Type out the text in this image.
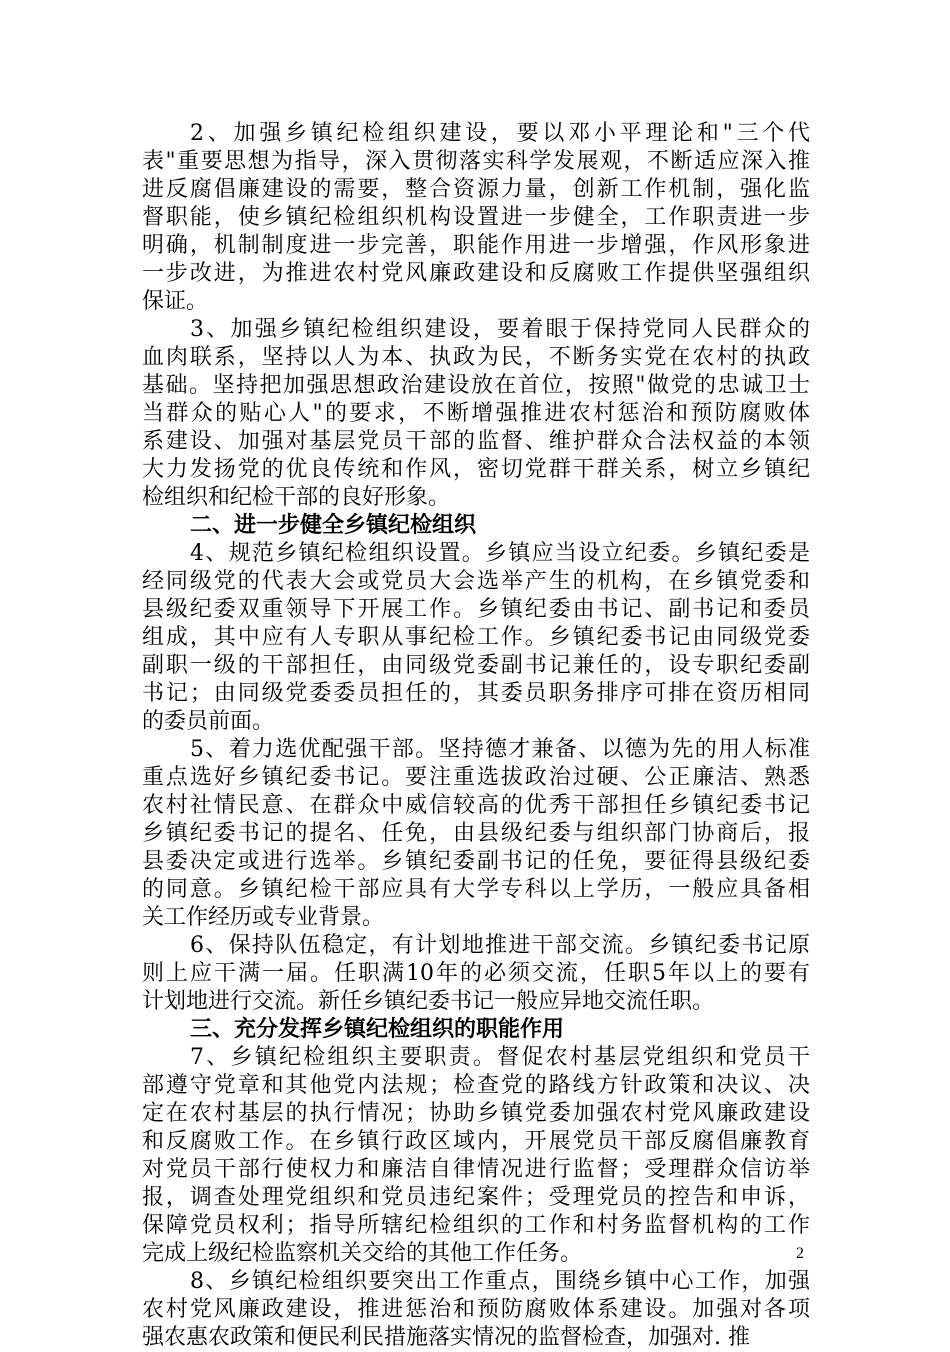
2、加强乡镇纪检组织建设，要以邓小平理论和"三个代
表"重要思想为指导，深入贯彻落实科学发展观，不断适应深入推
进反腐倡廉建设的需要，整合资源力量，创新工作机制，强化监
督职能，使乡镇纪检组织机构设置进一步健全，工作职责进一步
明确，机制制度进一步完善，职能作用进一步增强，作风形象进
一步改进，为推进农村党风廉政建设和反腐败工作提供坚强组织
保证。
3、加强乡镇纪检组织建设，要着眼于保持党同人民群众的
血肉联系，坚持以人为本、执政为民，不断务实党在农村的执政
基础。坚持把加强思想政治建设放在首位，按照"做党的忠诚卫士
当群众的贴心人"的要求，不断增强推进农村惩治和预防腐败体
系建设、加强对基层党员干部的监督、维护群众合法权益的本领
大力发扬党的优良传统和作风，密切党群干群关系，树立乡镇纪
检组织和纪检干部的良好形象。
二、进一步健全乡镇纪检组织
4、规范乡镇纪检组织设置。乡镇应当设立纪委。乡镇纪委是
经同级党的代表大会或党员大会选举产生的机构，在乡镇党委和
县级纪委双重领导下开展工作。乡镇纪委由书记、副书记和委员
组成，其中应有人专职从事纪检工作。乡镇纪委书记由同级党委
副职一级的干部担任，由同级党委副书记兼任的，设专职纪委副
书记；由同级党委委员担任的，其委员职务排序可排在资历相同
的委员前面。
5、着力选优配强干部。坚持德才兼备、以德为先的用人标准
重点选好乡镇纪委书记。要注重选拔政治过硬、公正廉洁、熟悉
农村社情民意、在群众中威信较高的优秀干部担任乡镇纪委书记
乡镇纪委书记的提名、任免，由县级纪委与组织部门协商后，报
县委决定或进行选举。乡镇纪委副书记的任免，要征得县级纪委
的同意。乡镇纪检干部应具有大学专科以上学历，一般应具备相
关工作经历或专业背景。
6、保持队伍稳定，有计划地推进干部交流。乡镇纪委书记原
则上应干满一届。任职满10年的必须交流，任职5年以上的要有
计划地进行交流。新任乡镇纪委书记一般应异地交流任职。
三、充分发挥乡镇纪检组织的职能作用
7、乡镇纪检组织主要职责。督促农村基层党组织和党员干
部遵守党章和其他党内法规；检查党的路线方针政策和决议、决
定在农村基层的执行情况；协助乡镇党委加强农村党风廉政建设
和反腐败工作。在乡镇行政区域内，开展党员干部反腐倡廉教育
对党员干部行使权力和廉洁自律情况进行监督；受理群众信访举
报，调查处理党组织和党员违纪案件；受理党员的控告和申诉，
保障党员权利；指导所辖纪检组织的工作和村务监督机构的工作
完成上级纪检监察机关交给的其他工作任务。
8、乡镇纪检组织要突出工作重点，围绕乡镇中心工作，加强
农村党风廉政建设，推进惩治和预防腐败体系建设。加强对各项
强农惠农政策和便民利民措施落实情况的监督检查，加强对. 推
2
